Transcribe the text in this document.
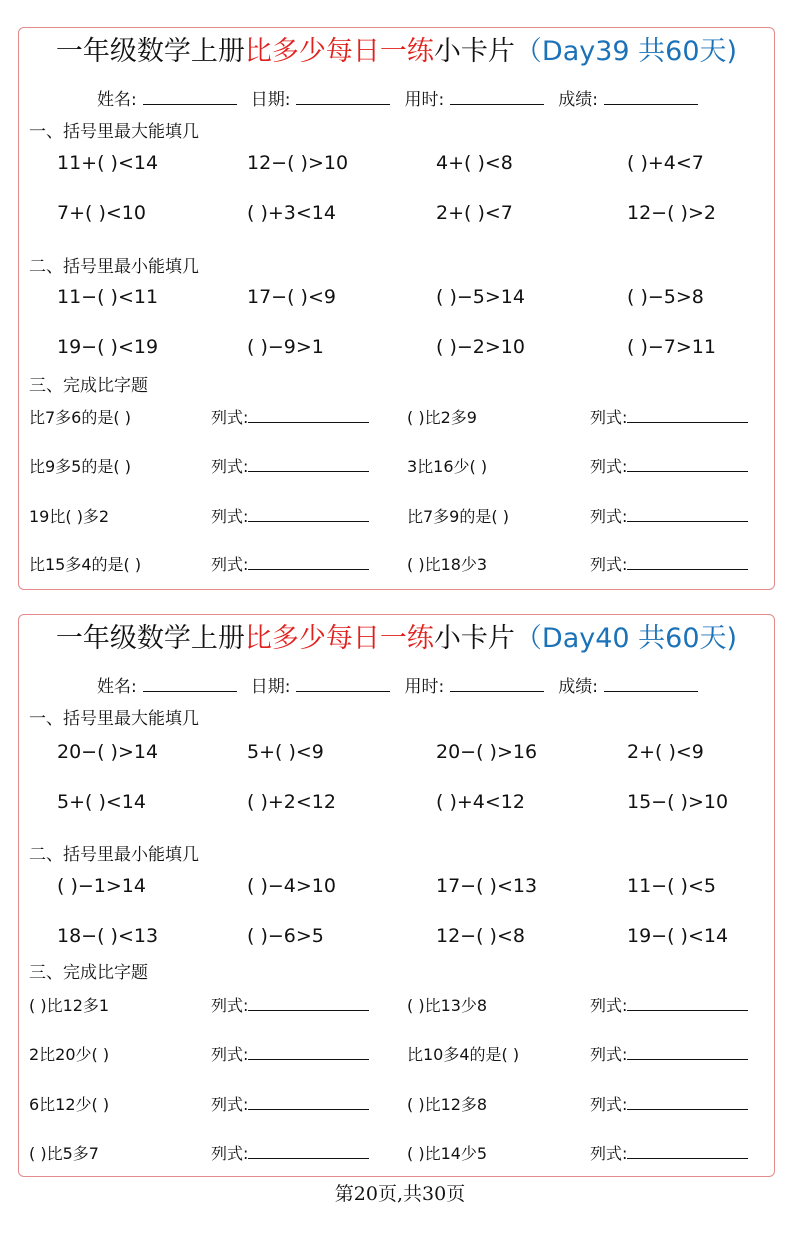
一年级数学上册比多少每日一练小卡片（Day39 共60天)
姓名:	日期:	用时:	成绩:
一、括号里最大能填几
11+( )<14	12−( )>10	4+( )<8	( )+4<7
7+( )<10	( )+3<14	2+( )<7	12−( )>2
二、括号里最小能填几
11−( )<11	17−( )<9	( )−5>14	( )−5>8
19−( )<19	( )−9>1	( )−2>10	( )−7>11
三、完成比字题
比7多6的是( )	列式:	( )比2多9	列式:
比9多5的是( )	列式:	3比16少( )	列式:
19比( )多2	列式:	比7多9的是( )	列式:
比15多4的是( )	列式:	( )比18少3	列式:
一年级数学上册比多少每日一练小卡片（Day40 共60天)
姓名:	日期:	用时:	成绩:
一、括号里最大能填几
20−( )>14	5+( )<9	20−( )>16	2+( )<9
5+( )<14	( )+2<12	( )+4<12	15−( )>10
二、括号里最小能填几
( )−1>14	( )−4>10	17−( )<13	11−( )<5
18−( )<13	( )−6>5	12−( )<8	19−( )<14
三、完成比字题
( )比12多1	列式:	( )比13少8	列式:
2比20少( )	列式:	比10多4的是( )	列式:
6比12少( )	列式:	( )比12多8	列式:
( )比5多7	列式:	( )比14少5	列式:
第20页,共30页
